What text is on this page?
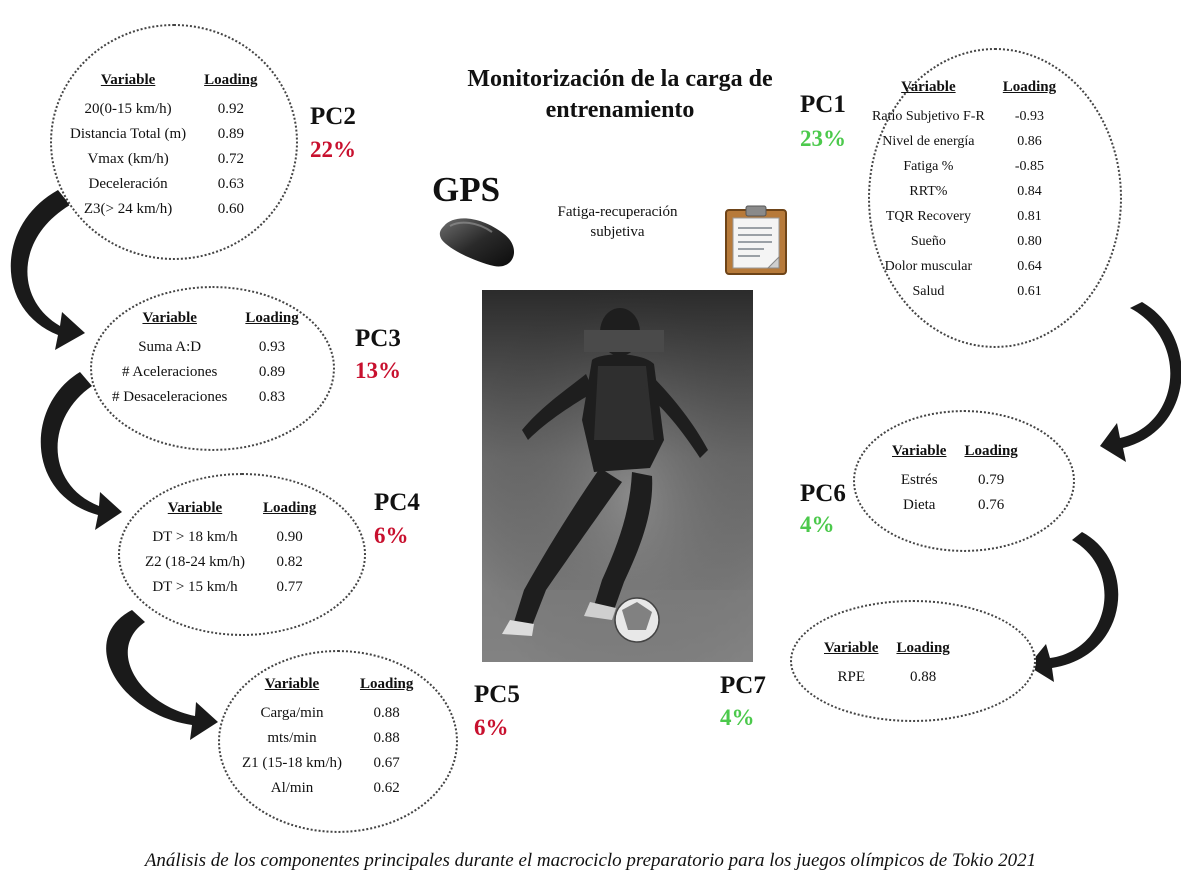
Variable	Loading
20(0-15 km/h)	0.92
Distancia Total (m)	0.89
Vmax (km/h)	0.72
Deceleración	0.63
Z3(> 24 km/h)	0.60
Variable	Loading
Suma A:D	0.93
# Aceleraciones	0.89
# Desaceleraciones	0.83
Variable	Loading
DT > 18 km/h	0.90
Z2 (18-24 km/h)	0.82
DT > 15 km/h	0.77
Variable	Loading
Carga/min	0.88
mts/min	0.88
Z1 (15-18 km/h)	0.67
Al/min	0.62
Variable	Loading
Ratio Subjetivo F-R	-0.93
Nivel de energía	0.86
Fatiga %	-0.85
RRT%	0.84
TQR Recovery	0.81
Sueño	0.80
Dolor muscular	0.64
Salud	0.61
Variable	Loading
Estrés	0.79
Dieta	0.76
Variable	Loading
RPE	0.88
PC2
22%
PC3
13%
PC4
6%
PC5
6%
PC1
23%
PC6
4%
PC7
4%
Monitorización de la carga de entrenamiento
GPS
Fatiga-recuperación subjetiva
Análisis de los componentes principales durante el macrociclo preparatorio para los juegos olímpicos de Tokio 2021
